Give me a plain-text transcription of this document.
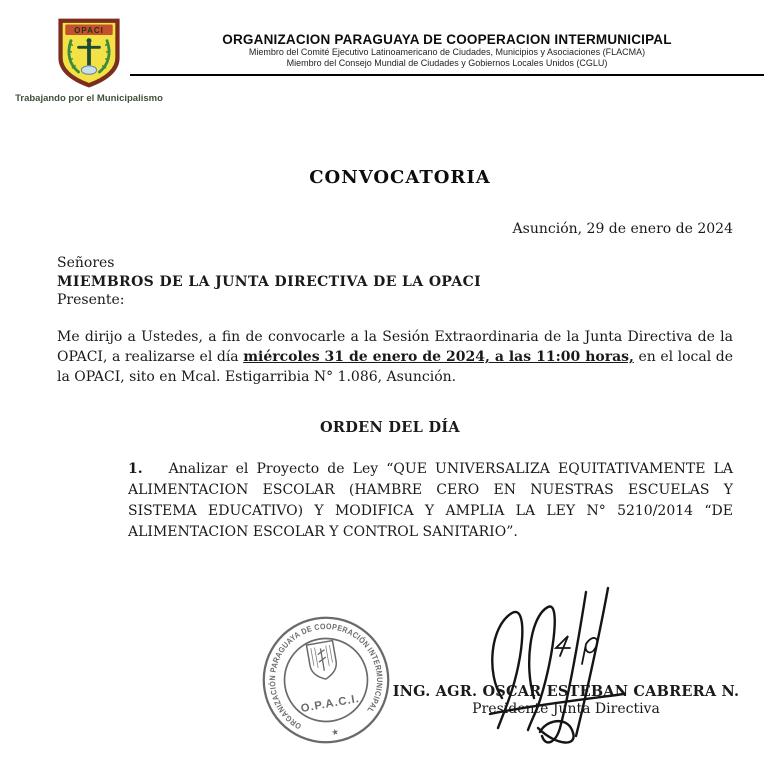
OPACI
Trabajando por el Municipalismo
ORGANIZACION PARAGUAYA DE COOPERACION INTERMUNICIPAL
Miembro del Comité Ejecutivo Latinoamericano de Ciudades, Municipios y Asociaciones (FLACMA)
Miembro del Consejo Mundial de Ciudades y Gobiernos Locales Unidos (CGLU)
CONVOCATORIA
Asunción, 29 de enero de 2024
Señores
MIEMBROS DE LA JUNTA DIRECTIVA DE LA OPACI
Presente:
Me dirijo a Ustedes, a fin de convocarle a la Sesión Extraordinaria de la Junta Directiva de la OPACI, a realizarse el día miércoles 31 de enero de 2024, a las 11:00 horas, en el local de la OPACI, sito en Mcal. Estigarribia N° 1.086, Asunción.
ORDEN DEL DÍA
1. Analizar el Proyecto de Ley “QUE UNIVERSALIZA EQUITATIVAMENTE LA ALIMENTACION ESCOLAR (HAMBRE CERO EN NUESTRAS ESCUELAS Y SISTEMA EDUCATIVO) Y MODIFICA Y AMPLIA LA LEY N° 5210/2014 “DE ALIMENTACION ESCOLAR Y CONTROL SANITARIO”.
ORGANIZACIÓN PARAGUAYA DE COOPERACIÓN INTERMUNICIPAL
O.P.A.C.I.
★
ING. AGR. OSCAR ESTEBAN CABRERA N.
Presidente Junta Directiva
